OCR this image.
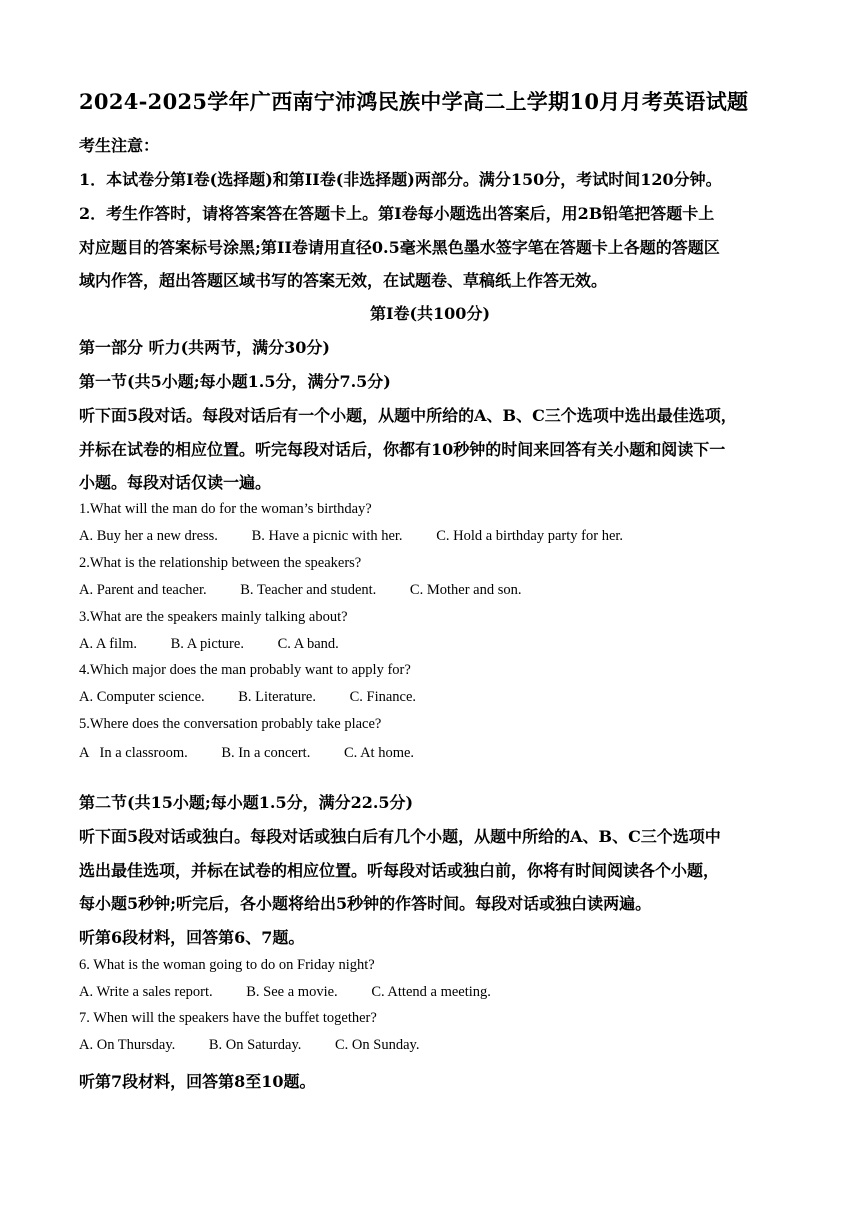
2024-2025学年广西南宁沛鸿民族中学高二上学期10月月考英语试题
考生注意：
1．本试卷分第I卷(选择题)和第II卷(非选择题)两部分。满分150分，考试时间120分钟。
2．考生作答时，请将答案答在答题卡上。第I卷每小题选出答案后，用2B铅笔把答题卡上
对应题目的答案标号涂黑;第II卷请用直径0.5毫米黑色墨水签字笔在答题卡上各题的答题区
域内作答，超出答题区域书写的答案无效，在试题卷、草稿纸上作答无效。
第I卷(共100分)
第一部分 听力(共两节，满分30分)
第一节(共5小题;每小题1.5分，满分7.5分)
听下面5段对话。每段对话后有一个小题，从题中所给的A、B、C三个选项中选出最佳选项，
并标在试卷的相应位置。听完每段对话后，你都有10秒钟的时间来回答有关小题和阅读下一
小题。每段对话仅读一遍。
1.What will the man do for the woman’s birthday?
A. Buy her a new dress. B. Have a picnic with her. C. Hold a birthday party for her.
2.What is the relationship between the speakers?
A. Parent and teacher. B. Teacher and student. C. Mother and son.
3.What are the speakers mainly talking about?
A. A film. B. A picture. C. A band.
4.Which major does the man probably want to apply for?
A. Computer science. B. Literature. C. Finance.
5.Where does the conversation probably take place?
A   In a classroom. B. In a concert. C. At home.
第二节(共15小题;每小题1.5分，满分22.5分)
听下面5段对话或独白。每段对话或独白后有几个小题，从题中所给的A、B、C三个选项中
选出最佳选项，并标在试卷的相应位置。听每段对话或独白前，你将有时间阅读各个小题，
每小题5秒钟;听完后，各小题将给出5秒钟的作答时间。每段对话或独白读两遍。
听第6段材料，回答第6、7题。
6. What is the woman going to do on Friday night?
A. Write a sales report. B. See a movie. C. Attend a meeting.
7. When will the speakers have the buffet together?
A. On Thursday. B. On Saturday. C. On Sunday.
听第7段材料，回答第8至10题。
